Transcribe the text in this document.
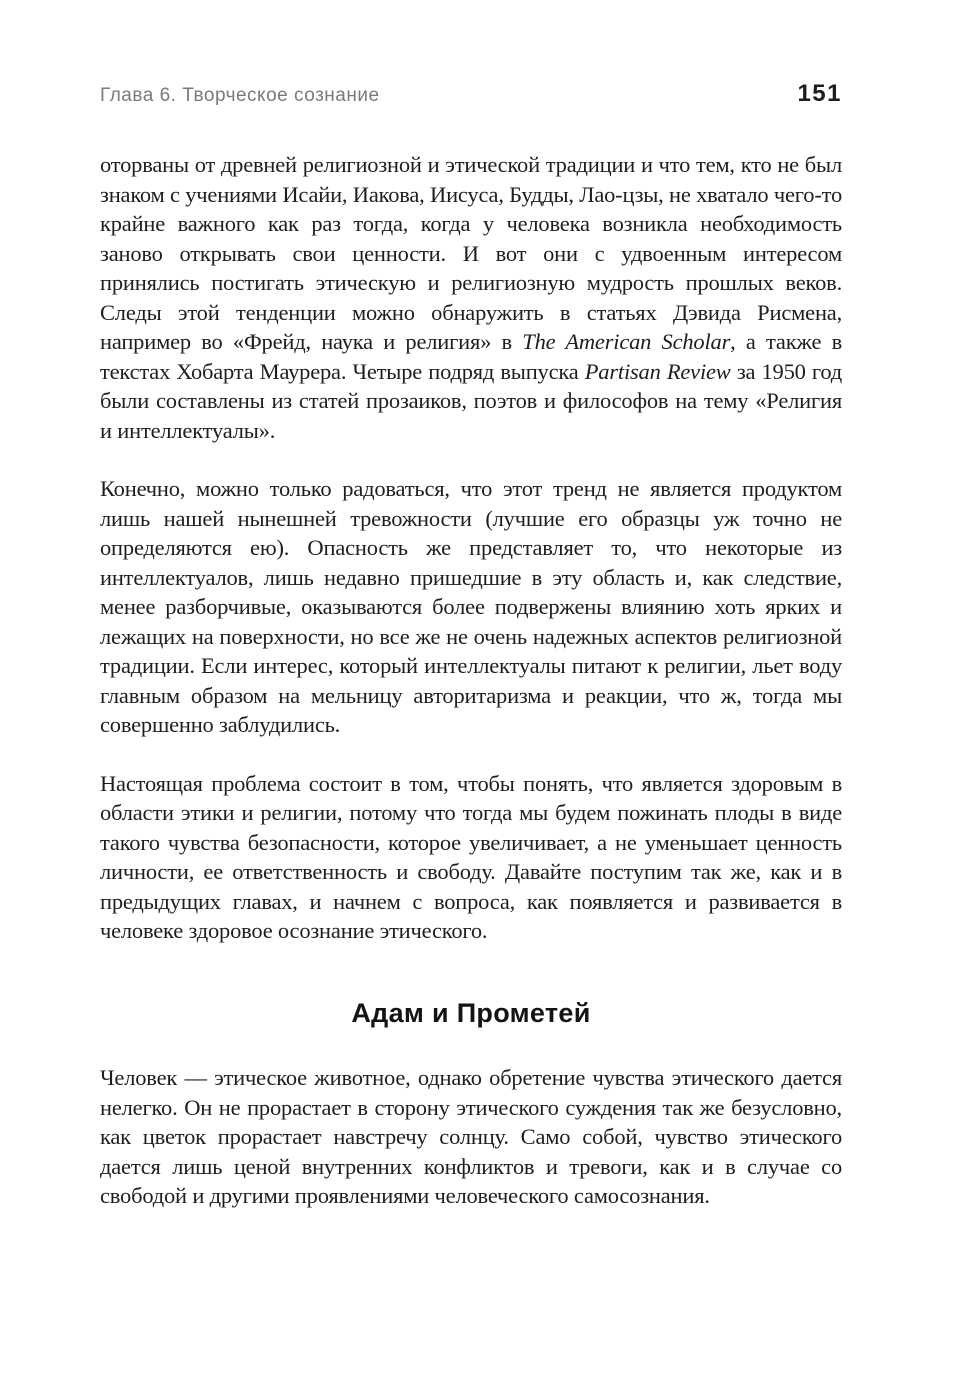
Глава 6. Творческое сознание	151

оторваны от древней религиозной и этической традиции и что тем, кто не был знаком с учениями Исайи, Иакова, Иисуса, Будды, Лао-цзы, не хватало чего-то крайне важного как раз тогда, когда у человека возникла необходимость заново открывать свои ценности. И вот они с удвоенным интересом принялись постигать этическую и религиозную мудрость прошлых веков. Следы этой тенденции можно обнаружить в статьях Дэвида Рисмена, например во «Фрейд, наука и религия» в The American Scholar, а также в текстах Хобарта Маурера. Четыре подряд выпуска Partisan Review за 1950 год были составлены из статей прозаиков, поэтов и философов на тему «Религия и интеллектуалы».

Конечно, можно только радоваться, что этот тренд не является продуктом лишь нашей нынешней тревожности (лучшие его образцы уж точно не определяются ею). Опасность же представляет то, что некоторые из интеллектуалов, лишь недавно пришедшие в эту область и, как следствие, менее разборчивые, оказываются более подвержены влиянию хоть ярких и лежащих на поверхности, но все же не очень надежных аспектов религиозной традиции. Если интерес, который интеллектуалы питают к религии, льет воду главным образом на мельницу авторитаризма и реакции, что ж, тогда мы совершенно заблудились.

Настоящая проблема состоит в том, чтобы понять, что является здоровым в области этики и религии, потому что тогда мы будем пожинать плоды в виде такого чувства безопасности, которое увеличивает, а не уменьшает ценность личности, ее ответственность и свободу. Давайте поступим так же, как и в предыдущих главах, и начнем с вопроса, как появляется и развивается в человеке здоровое осознание этического.

Адам и Прометей

Человек — этическое животное, однако обретение чувства этического дается нелегко. Он не прорастает в сторону этического суждения так же безусловно, как цветок прорастает навстречу солнцу. Само собой, чувство этического дается лишь ценой внутренних конфликтов и тревоги, как и в случае со свободой и другими проявлениями человеческого самосознания.
